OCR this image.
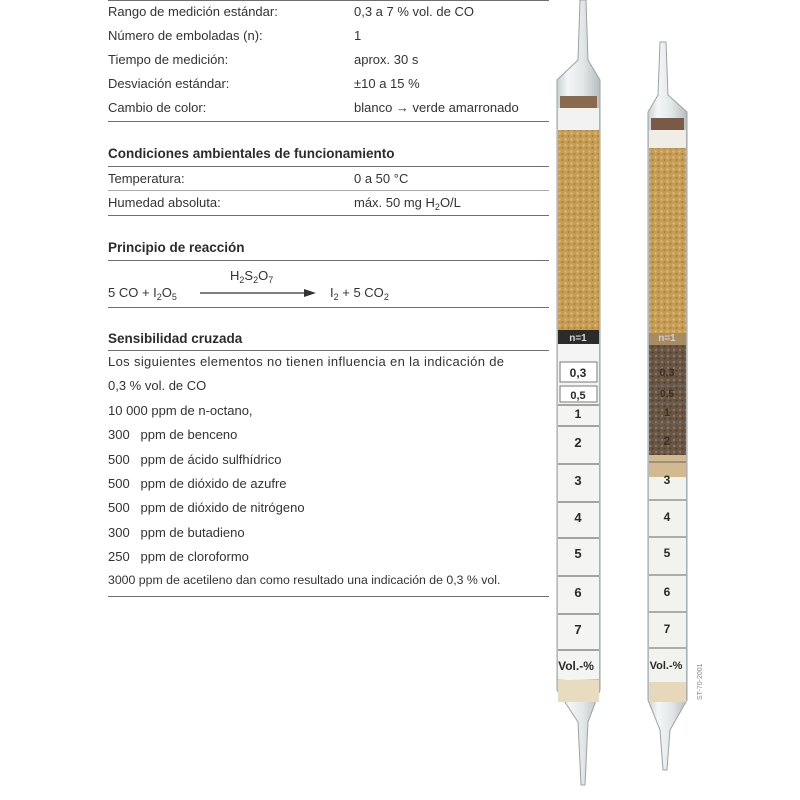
Rango de medición estándar:	0,3 a 7 % vol. de CO
Número de emboladas (n):	1
Tiempo de medición:	aprox. 30 s
Desviación estándar:	±10 a 15 %
Cambio de color:	blanco → verde amarronado
Condiciones ambientales de funcionamiento
Temperatura:	0 a 50 °C
Humedad absoluta:	máx. 50 mg $H_2O/L$
Principio de reacción
$H_2S_2O_7$
5 CO + $I_2O_5$	$I_2 + 5$ $CO_2$
Sensibilidad cruzada
Los siguientes elementos no tienen influencia en la indicación de
0,3 % vol. de CO
10 000 ppm de n-octano,
300   ppm de benceno
500   ppm de ácido sulfhídrico
500   ppm de dióxido de azufre
500   ppm de dióxido de nitrógeno
300   ppm de butadieno
250   ppm de cloroformo
3000 ppm de acetileno dan como resultado una indicación de 0,3 % vol.
n=1
0,3
0,5
1
2
3
4
5
6
7
Vol.-%
n=1
0,3
0,5
1
2
3
4
5
6
7
Vol.-% ST-70-2001
